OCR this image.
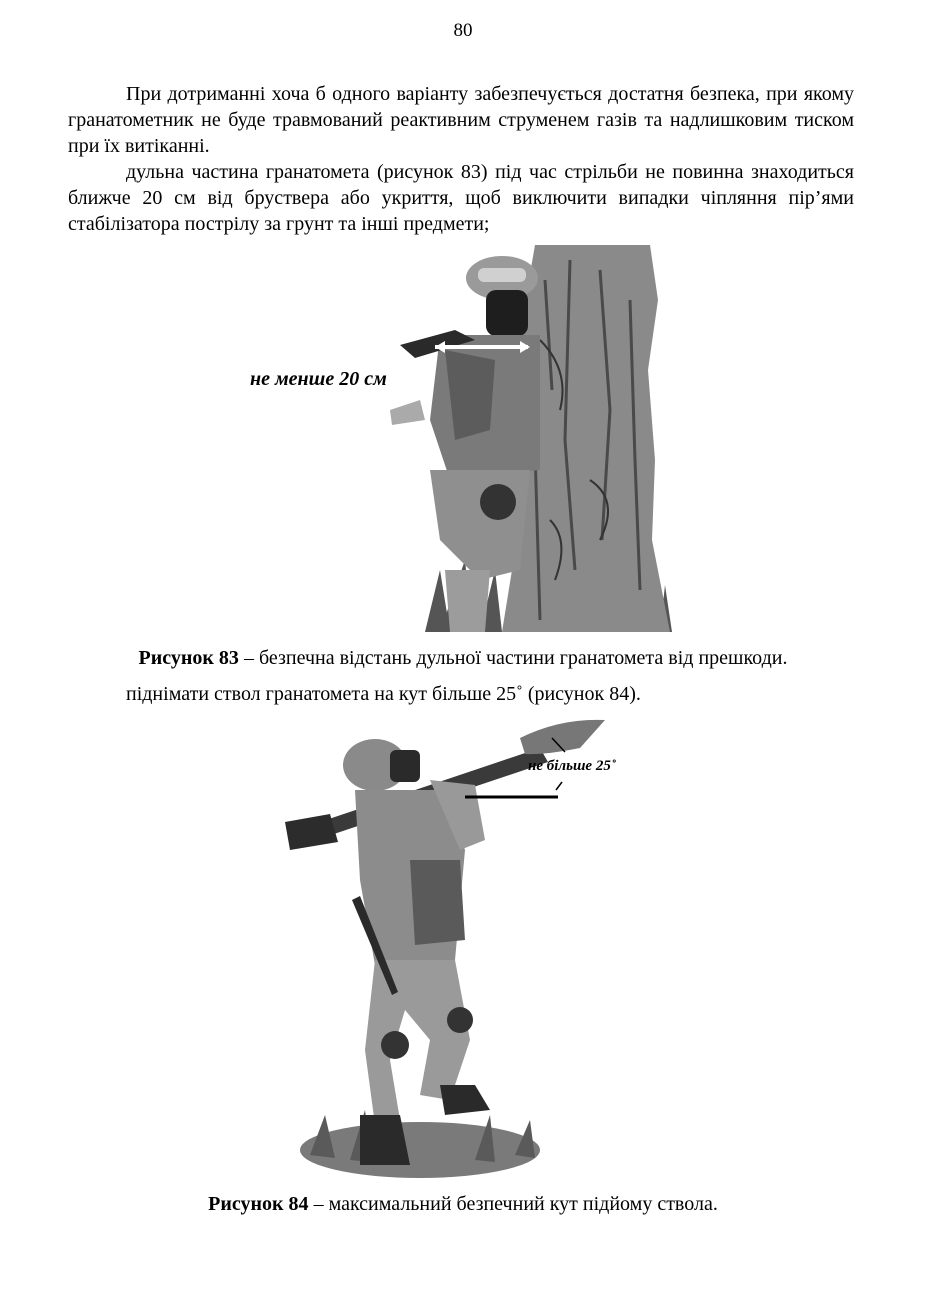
80

При дотриманні хоча б одного варіанту забезпечується достатня безпека, при якому гранатометник не буде травмований реактивним струменем газів та надлишковим тиском при їх витіканні.

дульна частина гранатомета (рисунок 83) під час стрільби не повинна знаходиться ближче 20 см від бруствера або укриття, щоб виключити випадки чіпляння пір’ями стабілізатора пострілу за грунт та інші предмети;

не менше 20 см
Рисунок 83 – безпечна відстань дульної частини гранатомета від прешкоди.

піднімати ствол гранатомета на кут більше 25˚ (рисунок 84).

не більше 25˚
Рисунок 84 – максимальний безпечний кут підйому ствола.
